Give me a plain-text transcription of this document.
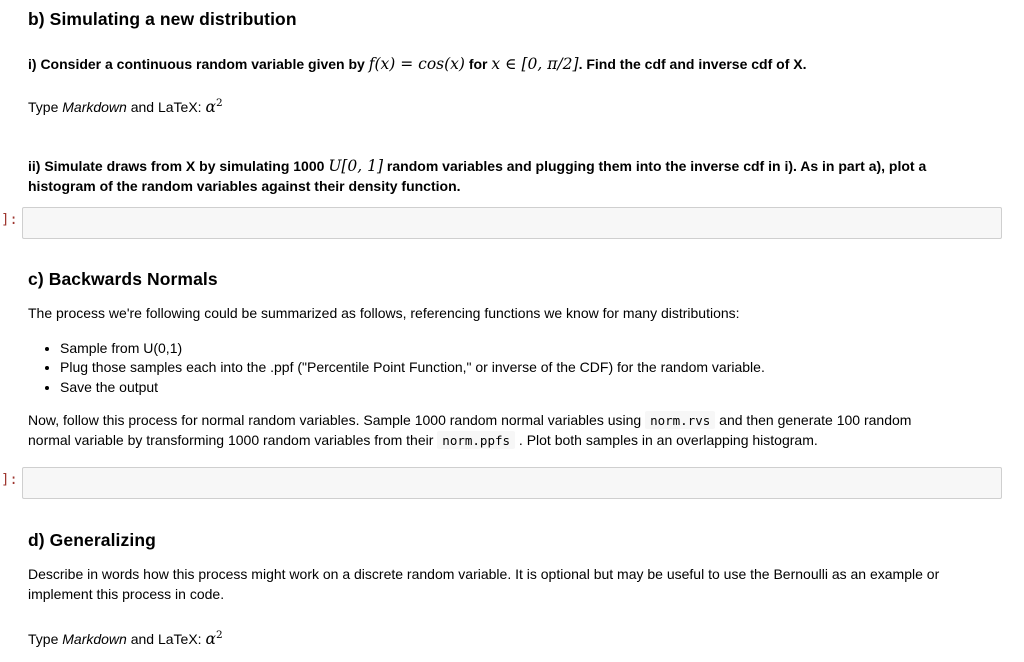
b) Simulating a new distribution

i) Consider a continuous random variable given by f(x) = cos(x) for x ∈ [0, π/2]. Find the cdf and inverse cdf of X.

Type Markdown and LaTeX: $\alpha^2$

ii) Simulate draws from X by simulating 1000 U[0, 1] random variables and plugging them into the inverse cdf in i). As in part a), plot a histogram of the random variables against their density function.

]:
c) Backwards Normals

The process we're following could be summarized as follows, referencing functions we know for many distributions:

• Sample from U(0,1)
• Plug those samples each into the .ppf ("Percentile Point Function," or inverse of the CDF) for the random variable.
• Save the output

Now, follow this process for normal random variables. Sample 1000 random normal variables using norm.rvs and then generate 100 random normal variable by transforming 1000 random variables from their norm.ppfs . Plot both samples in an overlapping histogram.

]:
d) Generalizing

Describe in words how this process might work on a discrete random variable. It is optional but may be useful to use the Bernoulli as an example or implement this process in code.

Type Markdown and LaTeX: $\alpha^2$
